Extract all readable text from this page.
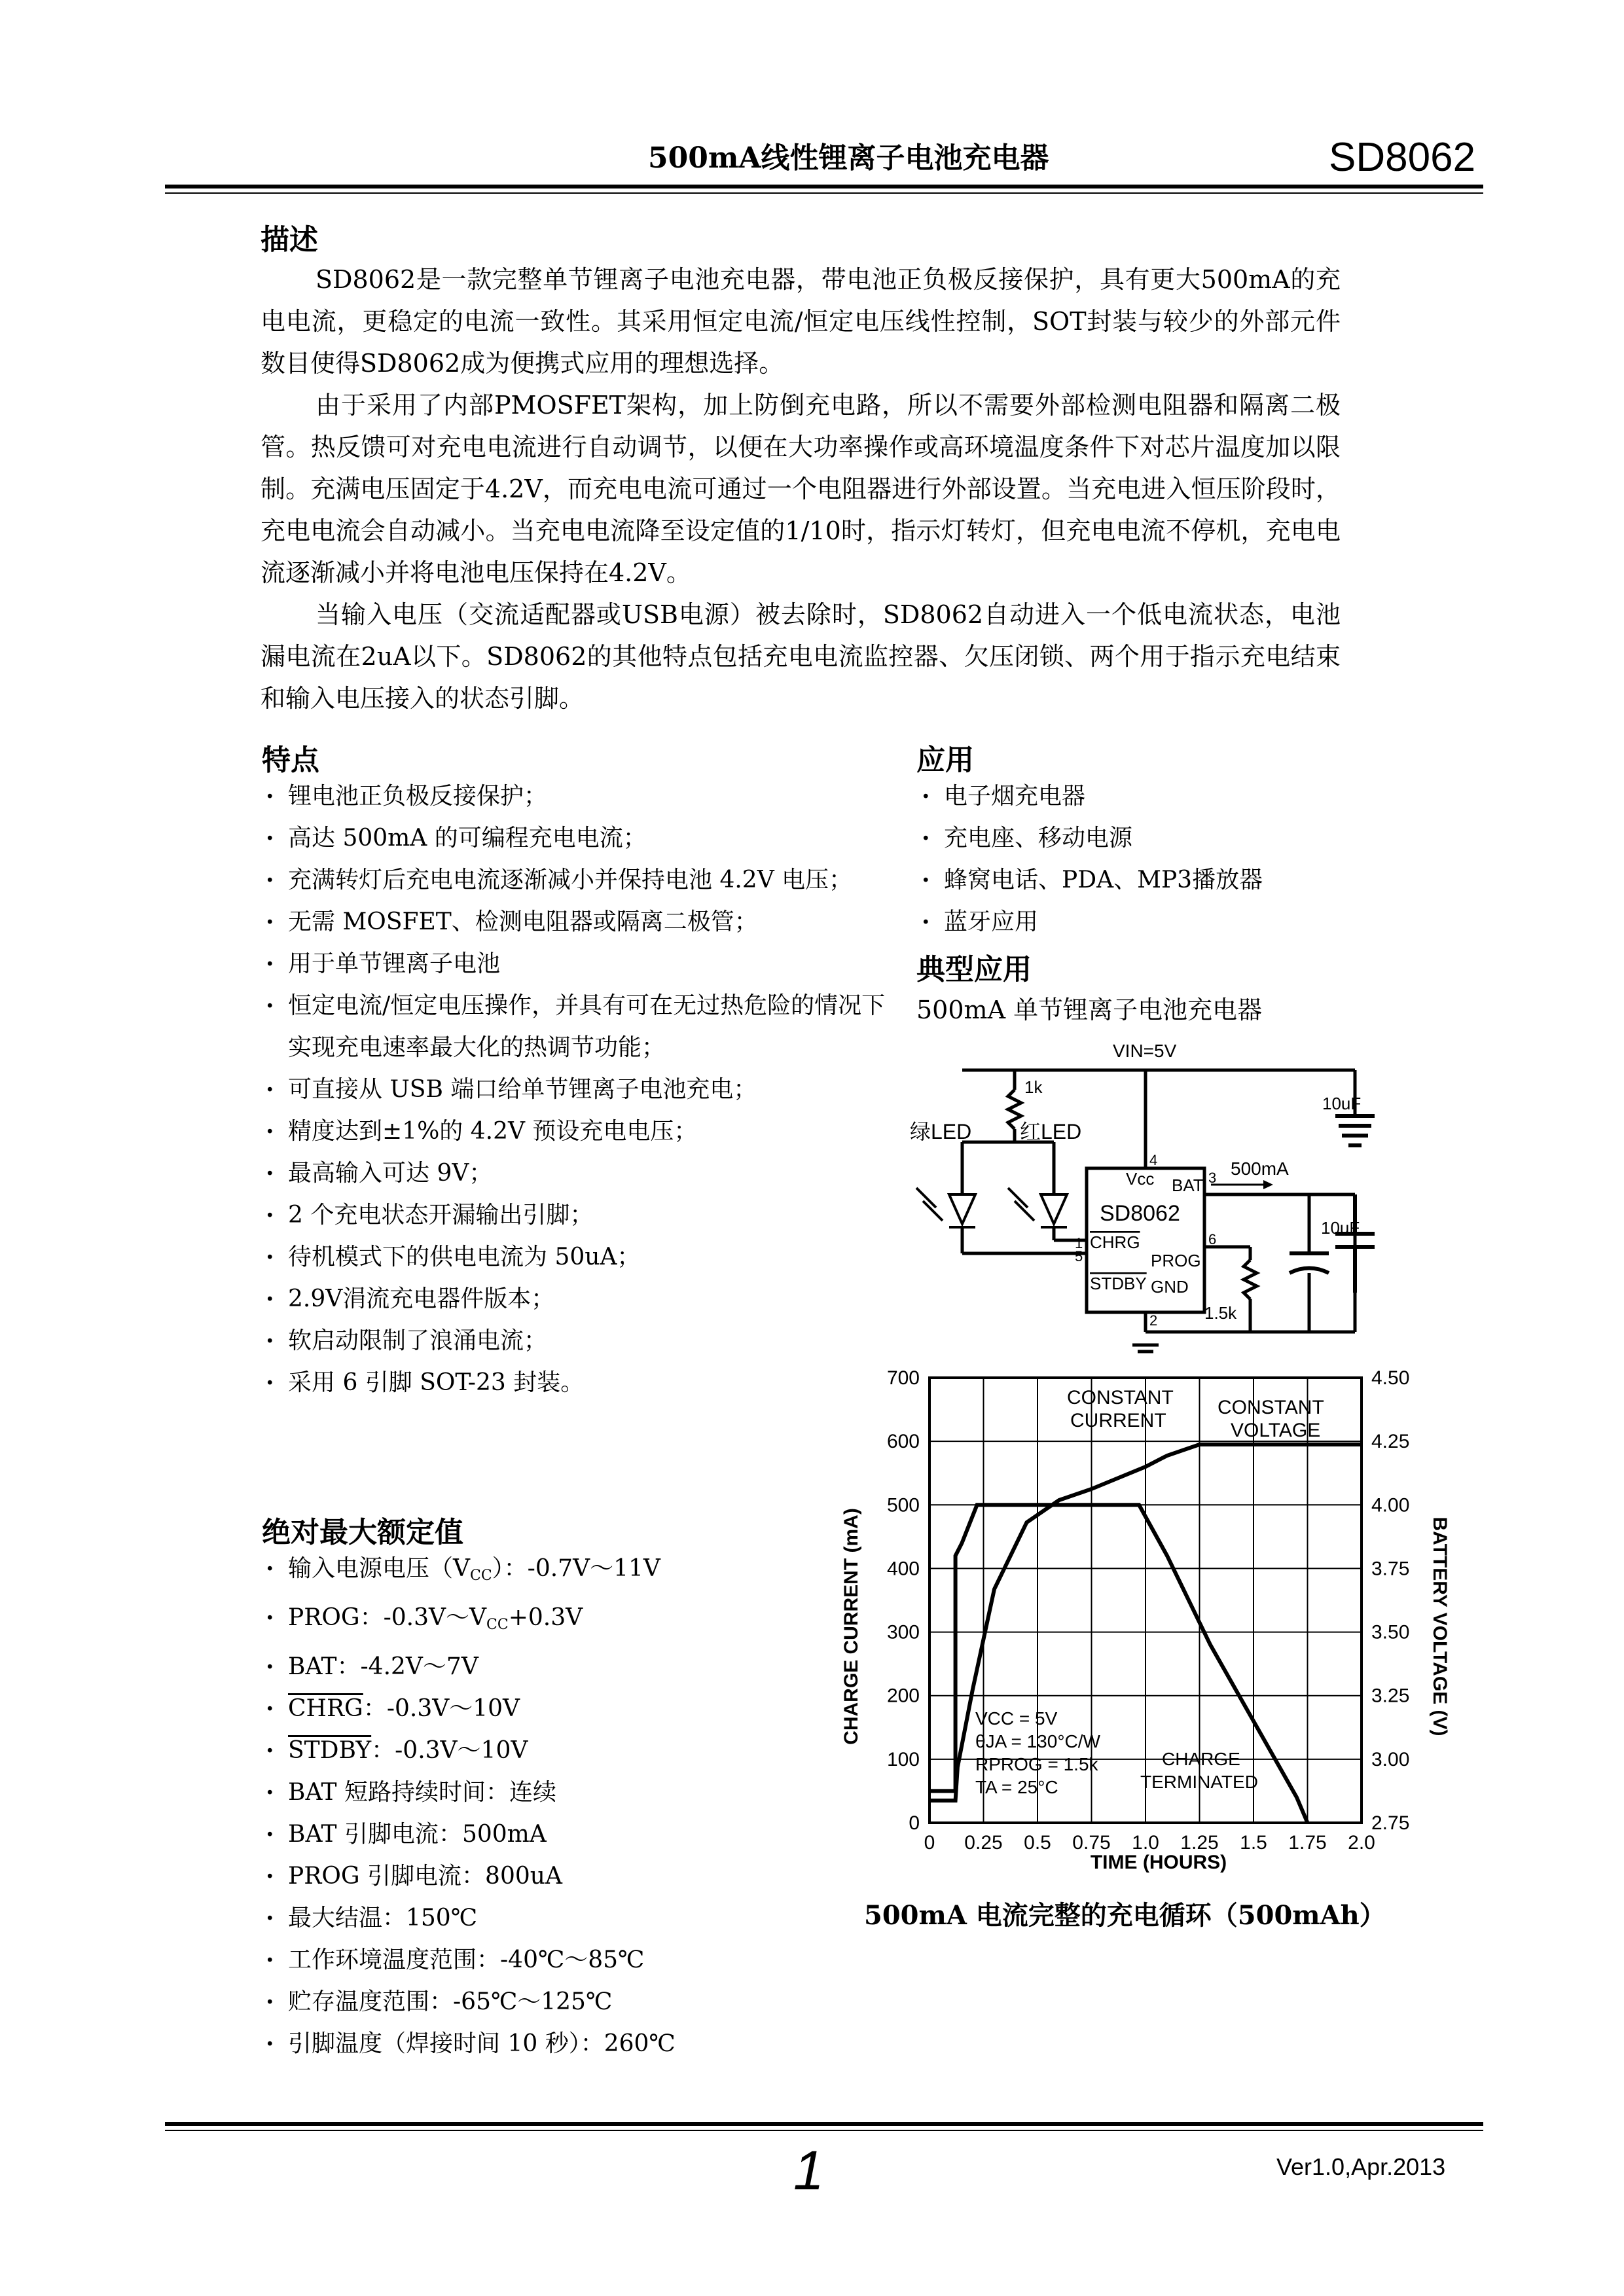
500mA线性锂离子电池充电器	SD8062
描述

SD8062是一款完整单节锂离子电池充电器，带电池正负极反接保护，具有更大500mA的充电电流，更稳定的电流一致性。其采用恒定电流/恒定电压线性控制，SOT封装与较少的外部元件数目使得SD8062成为便携式应用的理想选择。

由于采用了内部PMOSFET架构，加上防倒充电路，所以不需要外部检测电阻器和隔离二极管。热反馈可对充电电流进行自动调节，以便在大功率操作或高环境温度条件下对芯片温度加以限制。充满电压固定于4.2V，而充电电流可通过一个电阻器进行外部设置。当充电进入恒压阶段时，充电电流会自动减小。当充电电流降至设定值的1/10时，指示灯转灯，但充电电流不停机，充电电流逐渐减小并将电池电压保持在4.2V。

当输入电压（交流适配器或USB电源）被去除时，SD8062自动进入一个低电流状态，电池漏电流在2uA以下。SD8062的其他特点包括充电电流监控器、欠压闭锁、两个用于指示充电结束和输入电压接入的状态引脚。

特点
· 锂电池正负极反接保护；
· 高达 500mA 的可编程充电电流；
· 充满转灯后充电电流逐渐减小并保持电池 4.2V 电压；
· 无需 MOSFET、检测电阻器或隔离二极管；
· 用于单节锂离子电池
· 恒定电流/恒定电压操作，并具有可在无过热危险的情况下实现充电速率最大化的热调节功能；
· 可直接从 USB 端口给单节锂离子电池充电；
· 精度达到±1%的 4.2V 预设充电电压；
· 最高输入可达 9V；
· 2 个充电状态开漏输出引脚；
· 待机模式下的供电电流为 50uA；
· 2.9V涓流充电器件版本；
· 软启动限制了浪涌电流；
· 采用 6 引脚 SOT-23 封装。
应用
· 电子烟充电器
· 充电座、移动电源
· 蜂窝电话、PDA、MP3播放器
· 蓝牙应用
典型应用
500mA 单节锂离子电池充电器
VIN=5V
1k
绿LED 红LED
10uF
500mA
SD8062
Vcc BAT
CHRG
STDBY
PROG
GND
1.5k
10uF
1
2
3
4
5
6
0 0.25 0.5 0.75 1.0 1.25 1.5 1.75 2.0
0
100
200
300
400
500
600
700
2.75
3.00
3.25
3.50
3.75
4.00
4.25
4.50
CHARGE CURRENT (mA)	BATTERY VOLTAGE (V)
TIME (HOURS)
CONSTANT
CURRENT
CONSTANT
VOLTAGE
CHARGE
TERMINATED
VCC = 5V
θJA = 130°C/W
RPROG = 1.5k
TA = 25°C
500mA 电流完整的充电循环（500mAh）
绝对最大额定值
· 输入电源电压$(V_{CC})$：-0.7V～11V
· PROG：$-0.3V\sim V_{CC}+0.3V$
· BAT：-4.2V～7V
· CHRG：-0.3V～10V
· STDBY：-0.3V～10V
· BAT 短路持续时间：连续
· BAT 引脚电流：500mA
· PROG 引脚电流：800uA
· 最大结温：150℃
· 工作环境温度范围：-40℃～85℃
· 贮存温度范围：-65℃～125℃
· 引脚温度（焊接时间 10 秒）：260℃
1	Ver1.0,Apr.2013
